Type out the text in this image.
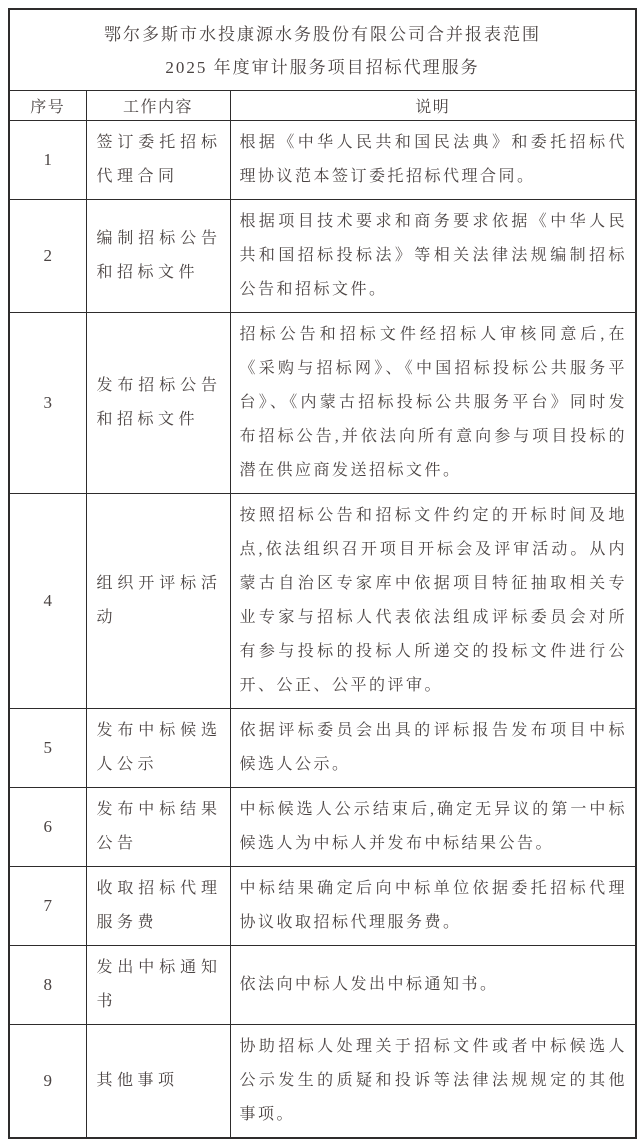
鄂尔多斯市水投康源水务股份有限公司合并报表范围
2025 年度审计服务项目招标代理服务		

序号	工作内容	说明
1	签订委托招标代理合同	根据《中华人民共和国民法典》和委托招标代理协议范本签订委托招标代理合同。
2	编制招标公告和招标文件	根据项目技术要求和商务要求依据《中华人民共和国招标投标法》等相关法律法规编制招标公告和招标文件。
3	发布招标公告和招标文件	招标公告和招标文件经招标人审核同意后,在《采购与招标网》、《中国招标投标公共服务平台》、《内蒙古招标投标公共服务平台》同时发布招标公告,并依法向所有意向参与项目投标的潜在供应商发送招标文件。
4	组织开评标活动	按照招标公告和招标文件约定的开标时间及地点,依法组织召开项目开标会及评审活动。从内蒙古自治区专家库中依据项目特征抽取相关专业专家与招标人代表依法组成评标委员会对所有参与投标的投标人所递交的投标文件进行公开、公正、公平的评审。
5	发布中标候选人公示	依据评标委员会出具的评标报告发布项目中标候选人公示。
6	发布中标结果公告	中标候选人公示结束后,确定无异议的第一中标候选人为中标人并发布中标结果公告。
7	收取招标代理服务费	中标结果确定后向中标单位依据委托招标代理协议收取招标代理服务费。
8	发出中标通知书	依法向中标人发出中标通知书。
9	其他事项	协助招标人处理关于招标文件或者中标候选人公示发生的质疑和投诉等法律法规规定的其他事项。
